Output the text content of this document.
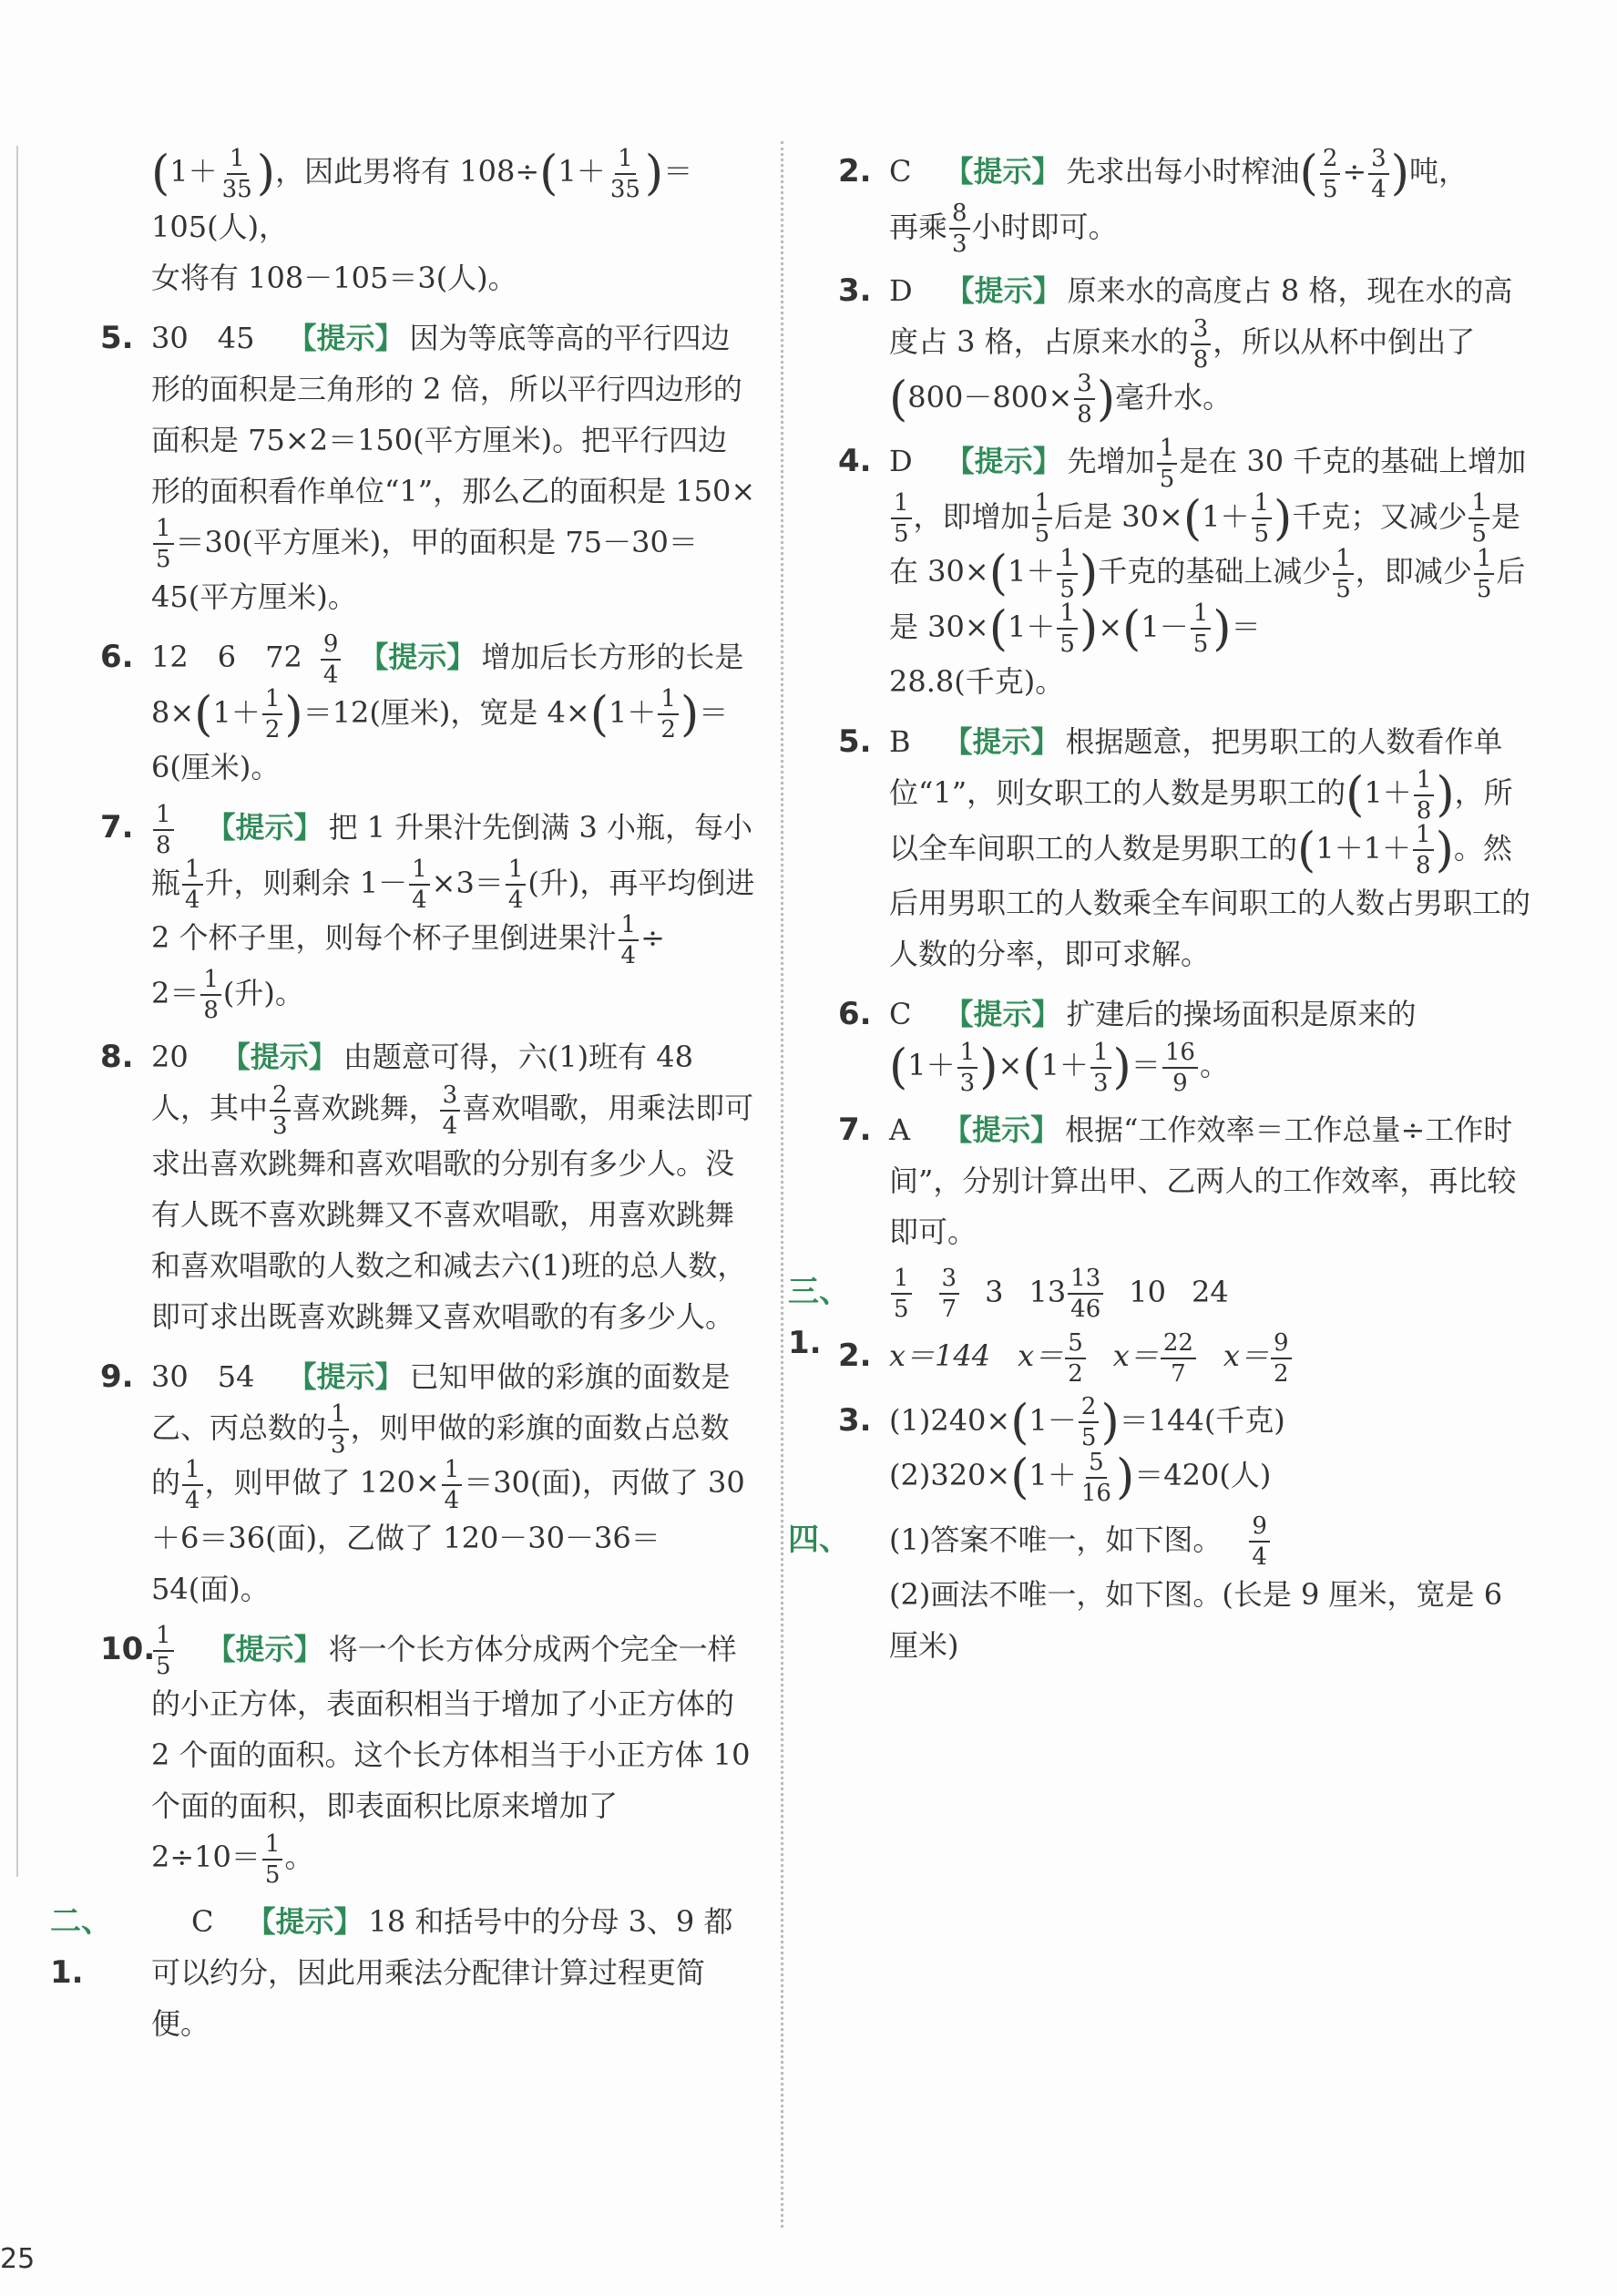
($1+ \frac{1}{35}$ )，因此男将有 $108\div(1+ \frac{1}{35} )=105$(人)，
女将有 108－105＝3(人)。
5. 30　45 【提示】 因为等底等高的平行四边形的面积是三角形的 2 倍，所以平行四边形的面积是 75×2＝150(平方厘米)。把平行四边形的面积看作单位“1”，那么乙的面积是 150×
$\frac{1}{5} =30$(平方厘米)，甲的面积是 75－30＝45(平方厘米)。
6. 12　6　$72 \frac{9}{4}$ 【提示】 增加后长方形的长是
$8\times(1+ \frac{1}{2} )=12$(厘米)，宽是 $4\times(1+ \frac{1}{2}$ )＝
6(厘米)。
7. $\frac{1}{8}$ 【提示】 把 1 升果汁先倒满 3 小瓶，每小瓶 $\frac{1}{4}$ 升，则剩余 $1- \frac{1}{4} \times 3= \frac{1}{4}$ (升)，再平均倒进 2 个杯子里，则每个杯子里倒进果汁 $\frac{1}{4}$ ÷
$2= \frac{1}{8}$ (升)。
8. 20 【提示】 由题意可得，六(1)班有 48 人，其中 $\frac{2}{3}$ 喜欢跳舞， $\frac{3}{4}$ 喜欢唱歌，用乘法即可求出喜欢跳舞和喜欢唱歌的分别有多少人。没有人既不喜欢跳舞又不喜欢唱歌，用喜欢跳舞和喜欢唱歌的人数之和减去六(1)班的总人数，即可求出既喜欢跳舞又喜欢唱歌的有多少人。
9. 30　54 【提示】 已知甲做的彩旗的面数是乙、丙总数的 $\frac{1}{3}$ ，则甲做的彩旗的面数占总数的 $\frac{1}{4}$ ，则甲做了 $120\times \frac{1}{4} =30$(面)，丙做了 30＋6＝36(面)，乙做了 120－30－36＝54(面)。
10.
$\frac{1}{5}$ 【提示】 将一个长方体分成两个完全一样的小正方体，表面积相当于增加了小正方体的 2 个面的面积。这个长方体相当于小正方体 10 个面的面积，即表面积比原来增加了
$2\div 10= \frac{1}{5}$ 。
二、1.
C 【提示】 18 和括号中的分母 3、9 都可以约分，因此用乘法分配律计算过程更简便。
2. C 【提示】 先求出每小时榨油( $\frac{2}{5} \div \frac{3}{4}$ )吨，
再乘 $\frac{8}{3}$ 小时即可。
3. D 【提示】 原来水的高度占 8 格，现在水的高度占 3 格，占原来水的 $\frac{3}{8}$ ，所以从杯中倒出了($800-800\times \frac{3}{8}$ )毫升水。
4. D 【提示】 先增加 $\frac{1}{5}$ 是在 30 千克的基础上增加
$\frac{1}{5}$ ，即增加 $\frac{1}{5}$ 后是 $30\times(1+ \frac{1}{5}$ )千克；又减少 $\frac{1}{5}$ 是在 $30\times(1+ \frac{1}{5}$ )千克的基础上减少 $\frac{1}{5}$ ，即减少 $\frac{1}{5}$ 后是 $30\times(1+ \frac{1}{5} )\times(1- \frac{1}{5}$ )＝
28.8(千克)。
5. B 【提示】 根据题意，把男职工的人数看作单位“1”，则女职工的人数是男职工的($1+ \frac{1}{8}$ )，所以全车间职工的人数是男职工的($1+1+ \frac{1}{8}$ )。然后用男职工的人数乘全车间职工的人数占男职工的人数的分率，即可求解。
6. C 【提示】 扩建后的操场面积是原来的
$(1+ \frac{1}{3} )\times(1+ \frac{1}{3}$ )＝ $\frac{16}{9}$ 。
7. A 【提示】 根据“工作效率＝工作总量÷工作时间”，分别计算出甲、乙两人的工作效率，再比较即可。
三、1.
$\frac{1}{5} \frac{3}{7} 3$ $13 \frac{13}{46} 10$ 24
2. x＝144 $x= \frac{5}{2} x= \frac{22}{7} x= \frac{9}{2}$
3. $(1)240\times(1- \frac{2}{5} )=144$(千克)
$(2)320\times(1+ \frac{5}{16} )=420$(人)
四、	(1)答案不唯一，如下图。 $\frac{9}{4}$
(2)画法不唯一，如下图。(长是 9 厘米，宽是 6 厘米)
25
